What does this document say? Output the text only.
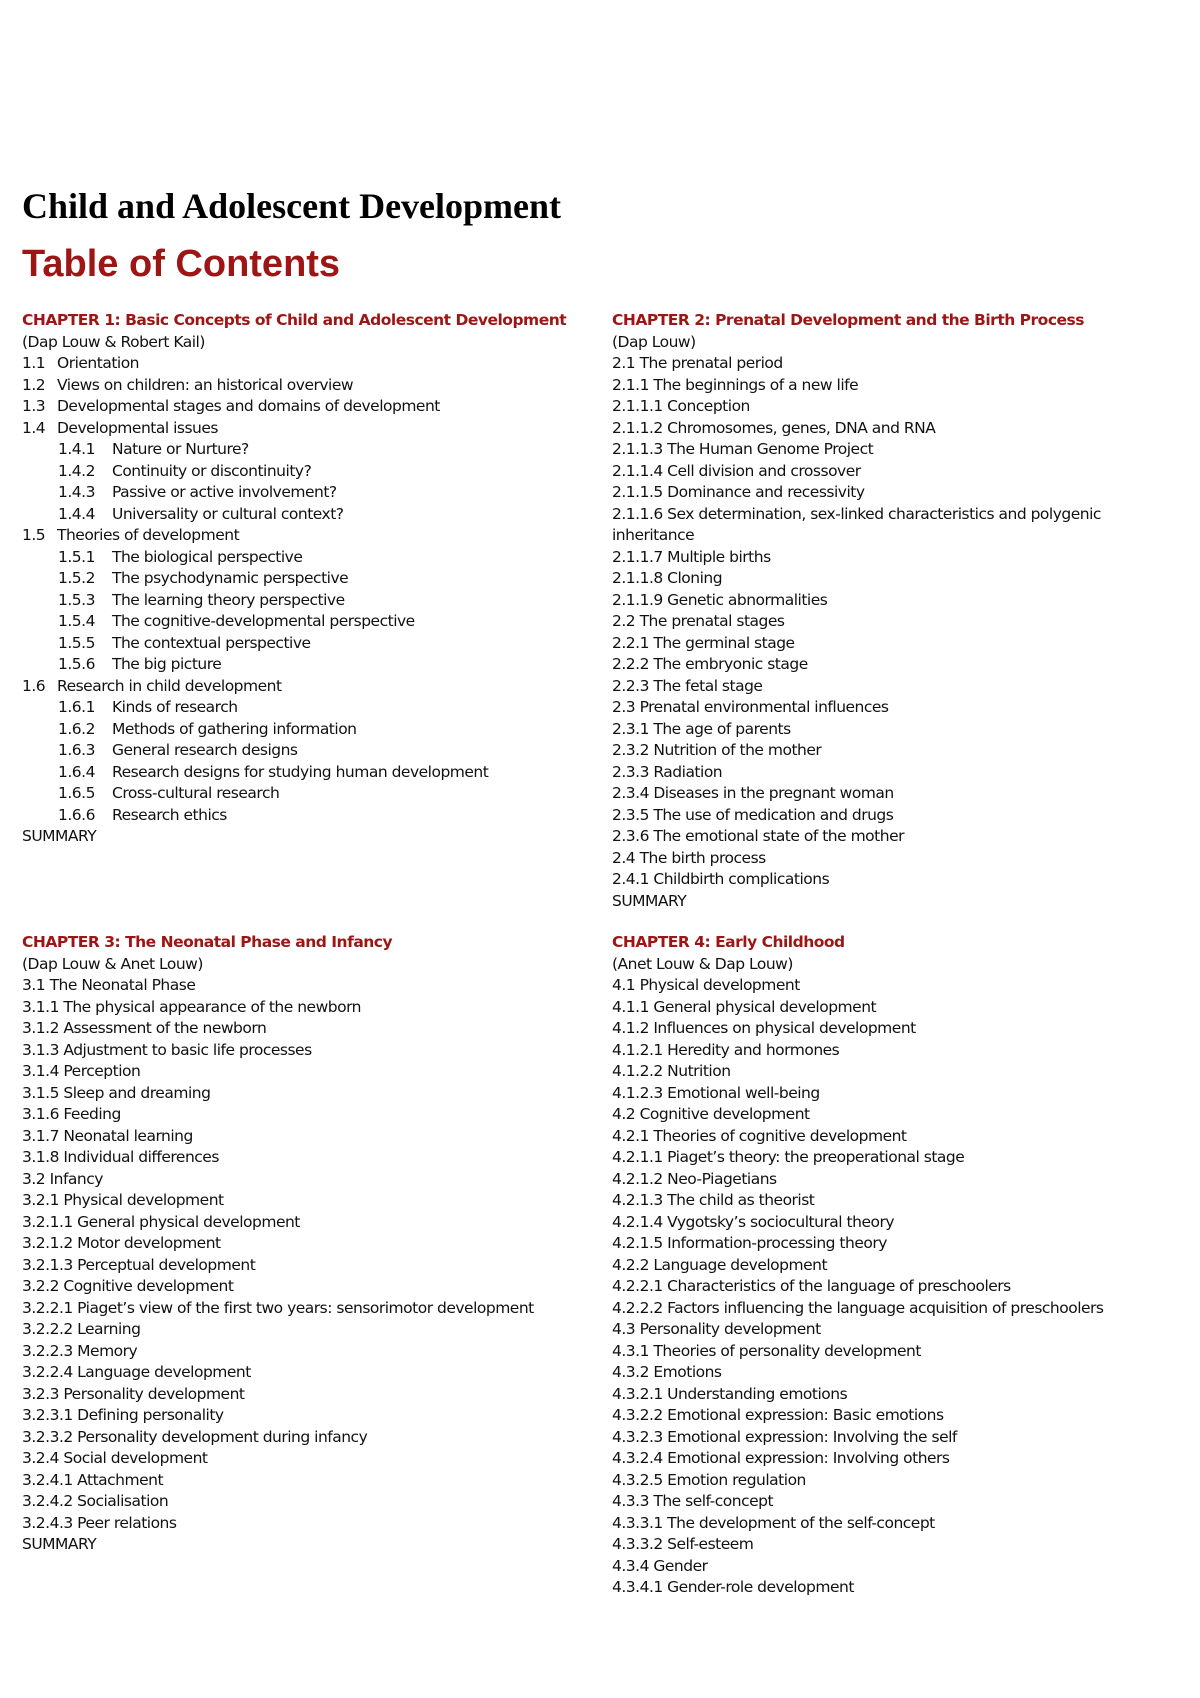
Child and Adolescent Development
Table of Contents
CHAPTER 1: Basic Concepts of Child and Adolescent Development (Dap Louw & Robert Kail)
1.1 Orientation
1.2 Views on children: an historical overview
1.3 Developmental stages and domains of development
1.4 Developmental issues
1.4.1 Nature or Nurture?
1.4.2 Continuity or discontinuity?
1.4.3 Passive or active involvement?
1.4.4 Universality or cultural context?
1.5 Theories of development
1.5.1 The biological perspective
1.5.2 The psychodynamic perspective
1.5.3 The learning theory perspective
1.5.4 The cognitive-developmental perspective
1.5.5 The contextual perspective
1.5.6 The big picture
1.6 Research in child development
1.6.1 Kinds of research
1.6.2 Methods of gathering information
1.6.3 General research designs
1.6.4 Research designs for studying human development
1.6.5 Cross-cultural research
1.6.6 Research ethics
SUMMARY
CHAPTER 2: Prenatal Development and the Birth Process
(Dap Louw)
2.1 The prenatal period
2.1.1 The beginnings of a new life
2.1.1.1 Conception
2.1.1.2 Chromosomes, genes, DNA and RNA
2.1.1.3 The Human Genome Project
2.1.1.4 Cell division and crossover
2.1.1.5 Dominance and recessivity
2.1.1.6 Sex determination, sex-linked characteristics and polygenic inheritance
2.1.1.7 Multiple births
2.1.1.8 Cloning
2.1.1.9 Genetic abnormalities
2.2 The prenatal stages
2.2.1 The germinal stage
2.2.2 The embryonic stage
2.2.3 The fetal stage
2.3 Prenatal environmental influences
2.3.1 The age of parents
2.3.2 Nutrition of the mother
2.3.3 Radiation
2.3.4 Diseases in the pregnant woman
2.3.5 The use of medication and drugs
2.3.6 The emotional state of the mother
2.4 The birth process
2.4.1 Childbirth complications
SUMMARY
CHAPTER 3: The Neonatal Phase and Infancy
(Dap Louw & Anet Louw)
3.1 The Neonatal Phase
3.1.1 The physical appearance of the newborn
3.1.2 Assessment of the newborn
3.1.3 Adjustment to basic life processes
3.1.4 Perception
3.1.5 Sleep and dreaming
3.1.6 Feeding
3.1.7 Neonatal learning
3.1.8 Individual differences
3.2 Infancy
3.2.1 Physical development
3.2.1.1 General physical development
3.2.1.2 Motor development
3.2.1.3 Perceptual development
3.2.2 Cognitive development
3.2.2.1 Piaget’s view of the first two years: sensorimotor development
3.2.2.2 Learning
3.2.2.3 Memory
3.2.2.4 Language development
3.2.3 Personality development
3.2.3.1 Defining personality
3.2.3.2 Personality development during infancy
3.2.4 Social development
3.2.4.1 Attachment
3.2.4.2 Socialisation
3.2.4.3 Peer relations
SUMMARY
CHAPTER 4: Early Childhood
(Anet Louw & Dap Louw)
4.1 Physical development
4.1.1 General physical development
4.1.2 Influences on physical development
4.1.2.1 Heredity and hormones
4.1.2.2 Nutrition
4.1.2.3 Emotional well-being
4.2 Cognitive development
4.2.1 Theories of cognitive development
4.2.1.1 Piaget’s theory: the preoperational stage
4.2.1.2 Neo-Piagetians
4.2.1.3 The child as theorist
4.2.1.4 Vygotsky’s sociocultural theory
4.2.1.5 Information-processing theory
4.2.2 Language development
4.2.2.1 Characteristics of the language of preschoolers
4.2.2.2 Factors influencing the language acquisition of preschoolers
4.3 Personality development
4.3.1 Theories of personality development
4.3.2 Emotions
4.3.2.1 Understanding emotions
4.3.2.2 Emotional expression: Basic emotions
4.3.2.3 Emotional expression: Involving the self
4.3.2.4 Emotional expression: Involving others
4.3.2.5 Emotion regulation
4.3.3 The self-concept
4.3.3.1 The development of the self-concept
4.3.3.2 Self-esteem
4.3.4 Gender
4.3.4.1 Gender-role development
